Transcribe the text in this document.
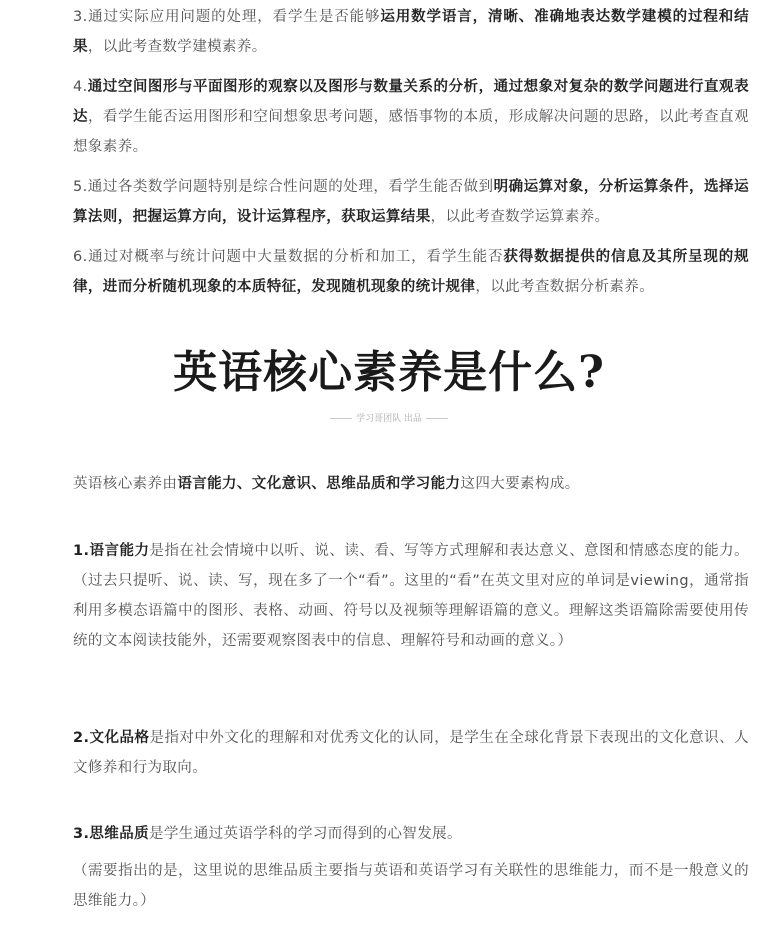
3.通过实际应用问题的处理，看学生是否能够运用数学语言，清晰、准确地表达数学建模的过程和结果，以此考查数学建模素养。

4.通过空间图形与平面图形的观察以及图形与数量关系的分析，通过想象对复杂的数学问题进行直观表达，看学生能否运用图形和空间想象思考问题，感悟事物的本质，形成解决问题的思路，以此考查直观想象素养。

5.通过各类数学问题特别是综合性问题的处理，看学生能否做到明确运算对象，分析运算条件，选择运算法则，把握运算方向，设计运算程序，获取运算结果，以此考查数学运算素养。

6.通过对概率与统计问题中大量数据的分析和加工，看学生能否获得数据提供的信息及其所呈现的规律，进而分析随机现象的本质特征，发现随机现象的统计规律，以此考查数据分析素养。

英语核心素养是什么?
学习哥团队 出品

英语核心素养由语言能力、文化意识、思维品质和学习能力这四大要素构成。

1.语言能力是指在社会情境中以听、说、读、看、写等方式理解和表达意义、意图和情感态度的能力。（过去只提听、说、读、写，现在多了一个“看”。这里的“看”在英文里对应的单词是viewing，通常指利用多模态语篇中的图形、表格、动画、符号以及视频等理解语篇的意义。理解这类语篇除需要使用传统的文本阅读技能外，还需要观察图表中的信息、理解符号和动画的意义。）

2.文化品格是指对中外文化的理解和对优秀文化的认同，是学生在全球化背景下表现出的文化意识、人文修养和行为取向。

3.思维品质是学生通过英语学科的学习而得到的心智发展。

（需要指出的是，这里说的思维品质主要指与英语和英语学习有关联性的思维能力，而不是一般意义的思维能力。）
